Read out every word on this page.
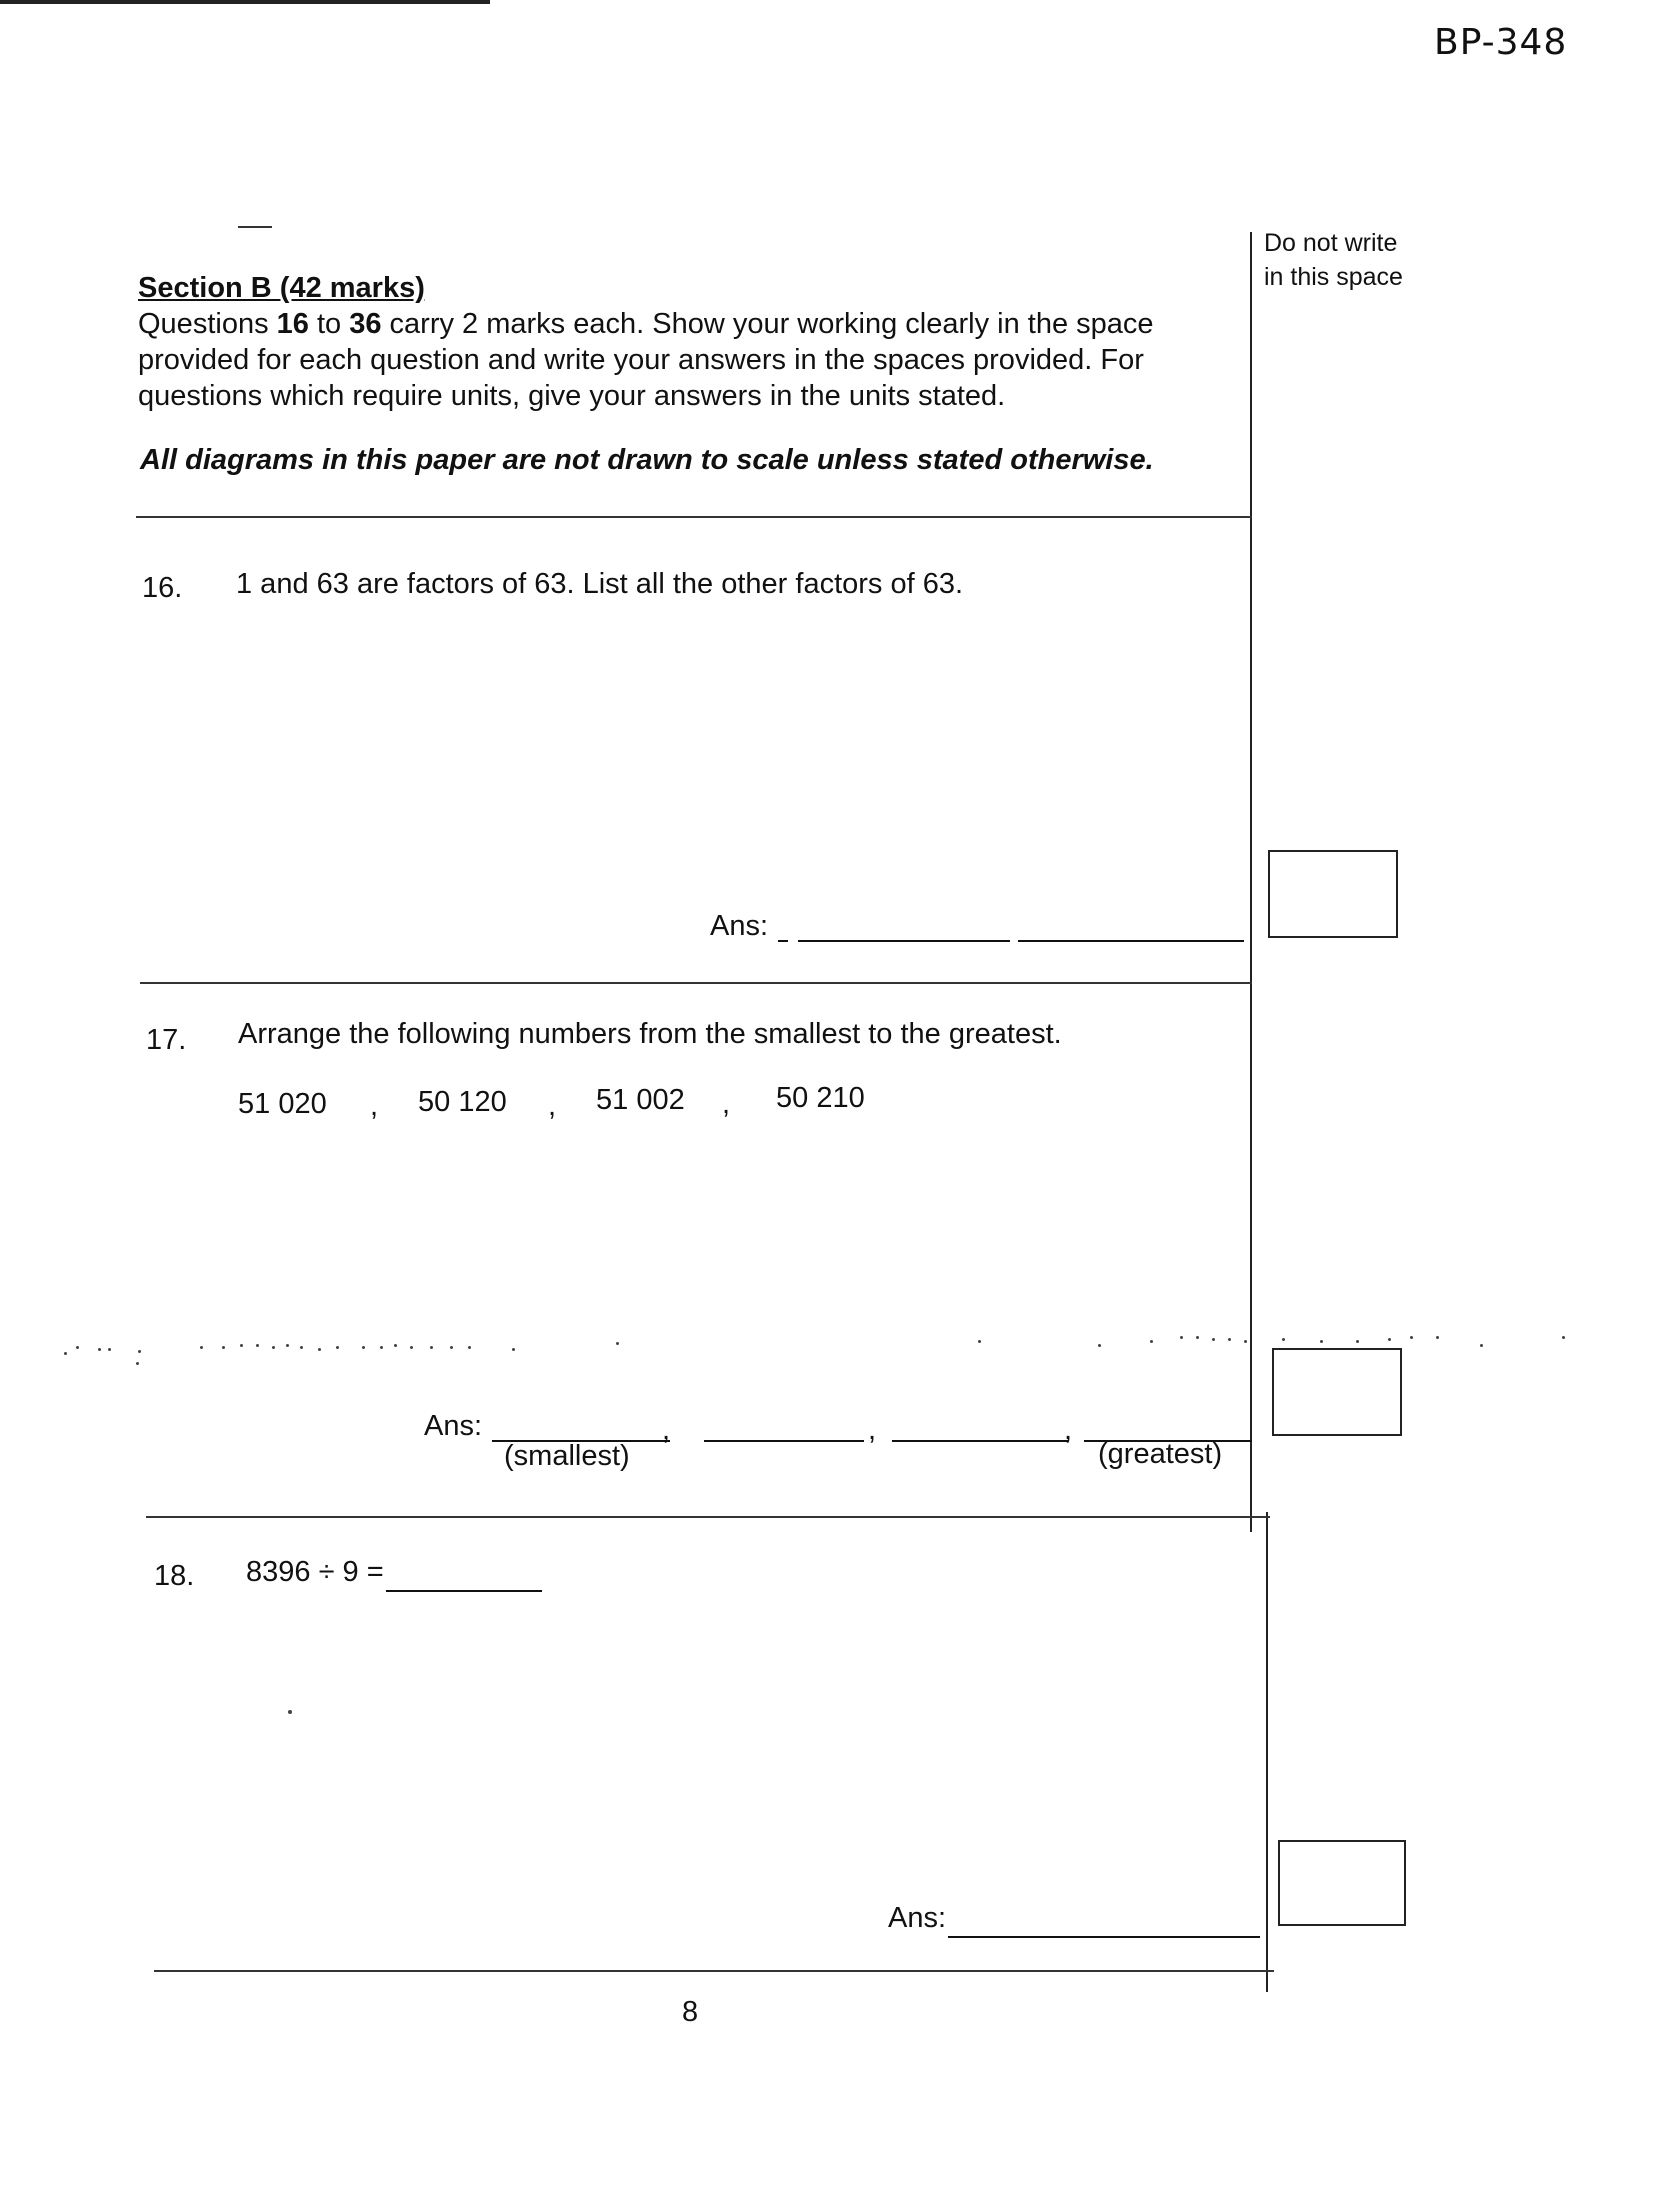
BP-348
Do not write
in this space
Section B (42 marks)
Questions 16 to 36 carry 2 marks each. Show your working clearly in the space
provided for each question and write your answers in the spaces provided. For
questions which require units, give your answers in the units stated.
All diagrams in this paper are not drawn to scale unless stated otherwise.
16. 1 and 63 are factors of 63. List all the other factors of 63.
Ans:
17. Arrange the following numbers from the smallest to the greatest.
51 020 , 50 120 , 51 002 , 50 210
Ans:	,	,	,
(smallest)	(greatest)
18. 8396 ÷ 9 =
Ans:
8
